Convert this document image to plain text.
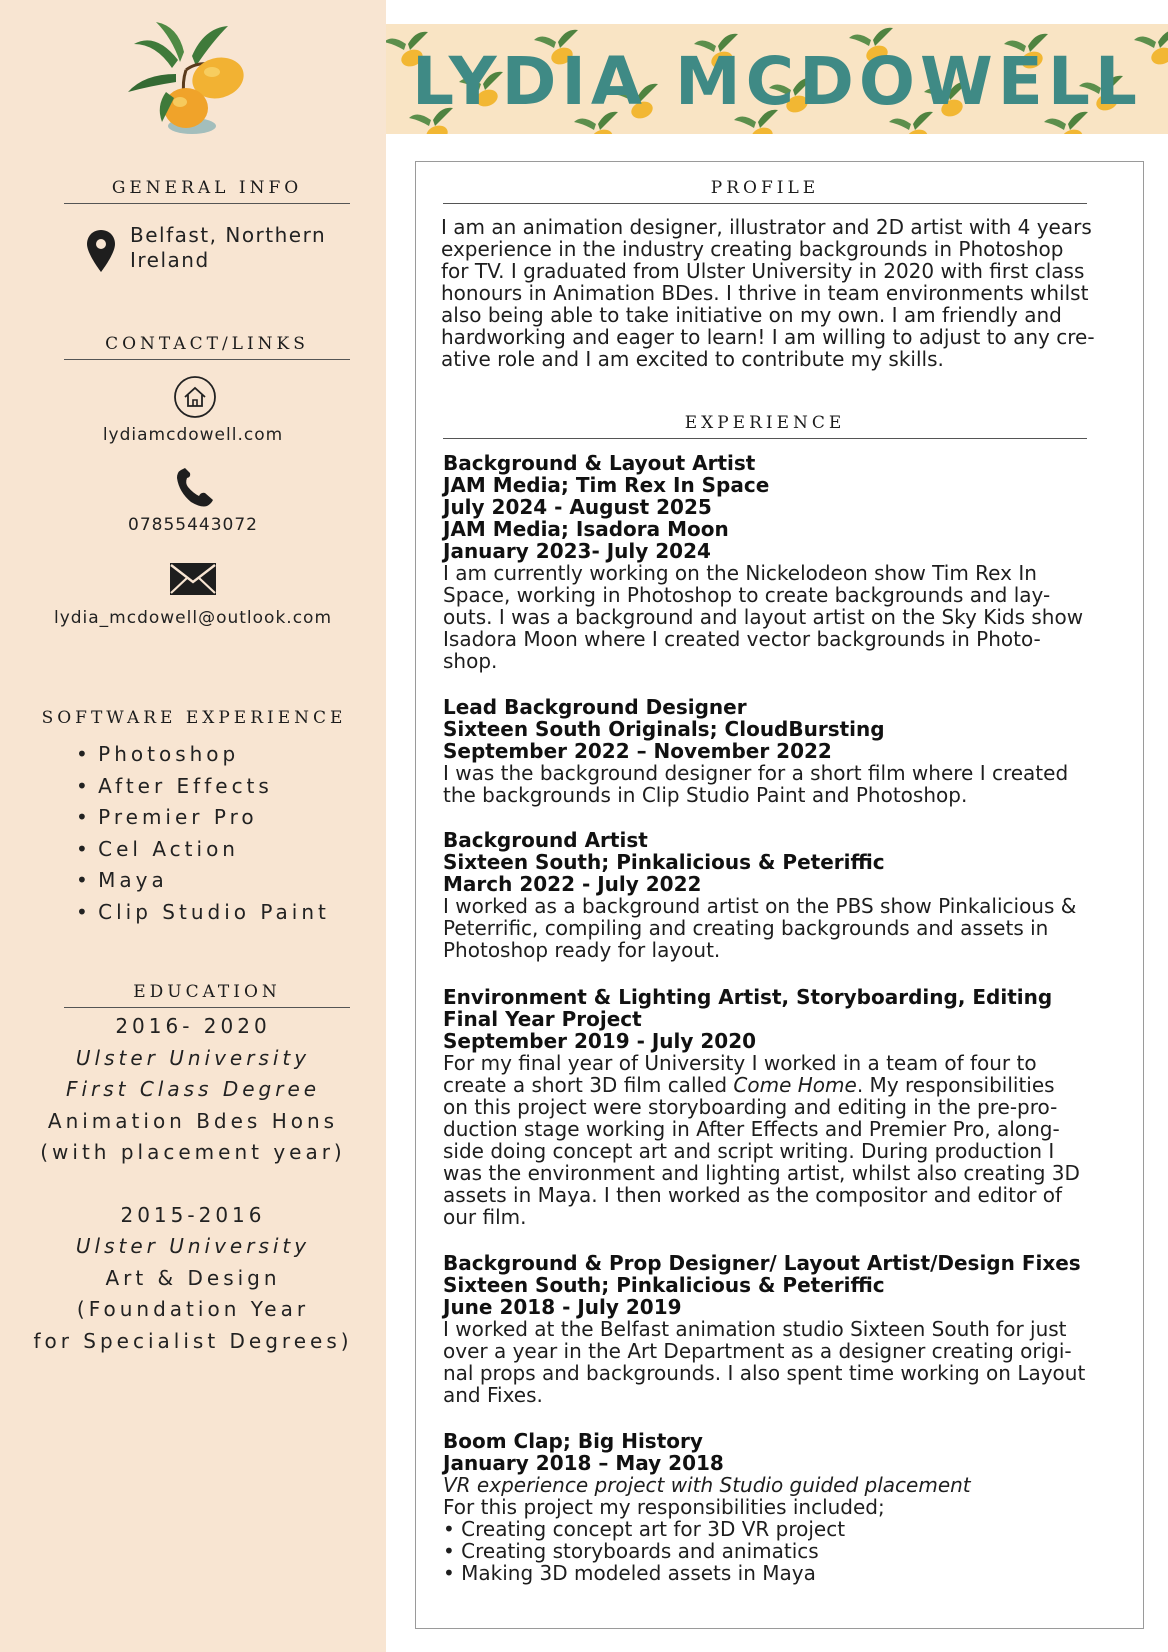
GENERAL INFO
Belfast, Northern
Ireland
CONTACT/LINKS
lydiamcdowell.com
07855443072
lydia_mcdowell@outlook.com
SOFTWARE EXPERIENCE
• Photoshop
• After Effects
• Premier Pro
• Cel Action
• Maya
• Clip Studio Paint
EDUCATION
2016- 2020
Ulster University
First Class Degree
Animation Bdes Hons
(with placement year)
2015-2016
Ulster University
Art & Design
(Foundation Year
for Specialist Degrees)
LYDIA MCDOWELL
PROFILE
I am an animation designer, illustrator and 2D artist with 4 years
experience in the industry creating backgrounds in Photoshop
for TV. I graduated from Ulster University in 2020 with first class
honours in Animation BDes. I thrive in team environments whilst
also being able to take initiative on my own. I am friendly and
hardworking and eager to learn! I am willing to adjust to any cre-
ative role and I am excited to contribute my skills.
EXPERIENCE
Background & Layout Artist
JAM Media; Tim Rex In Space
July 2024 - August 2025
JAM Media; Isadora Moon
January 2023- July 2024
I am currently working on the Nickelodeon show Tim Rex In
Space, working in Photoshop to create backgrounds and lay-
outs. I was a background and layout artist on the Sky Kids show
Isadora Moon where I created vector backgrounds in Photo-
shop.
Lead Background Designer
Sixteen South Originals; CloudBursting
September 2022 – November 2022
I was the background designer for a short film where I created
the backgrounds in Clip Studio Paint and Photoshop.
Background Artist
Sixteen South; Pinkalicious & Peteriffic
March 2022 - July 2022
I worked as a background artist on the PBS show Pinkalicious &
Peterrific, compiling and creating backgrounds and assets in
Photoshop ready for layout.
Environment & Lighting Artist, Storyboarding, Editing
Final Year Project
September 2019 - July 2020
For my final year of University I worked in a team of four to
create a short 3D film called Come Home. My responsibilities
on this project were storyboarding and editing in the pre-pro-
duction stage working in After Effects and Premier Pro, along-
side doing concept art and script writing. During production I
was the environment and lighting artist, whilst also creating 3D
assets in Maya. I then worked as the compositor and editor of
our film.
Background & Prop Designer/ Layout Artist/Design Fixes
Sixteen South; Pinkalicious & Peteriffic
June 2018 - July 2019
I worked at the Belfast animation studio Sixteen South for just
over a year in the Art Department as a designer creating origi-
nal props and backgrounds. I also spent time working on Layout
and Fixes.
Boom Clap; Big History
January 2018 – May 2018
VR experience project with Studio guided placement
For this project my responsibilities included;
• Creating concept art for 3D VR project
• Creating storyboards and animatics
• Making 3D modeled assets in Maya
